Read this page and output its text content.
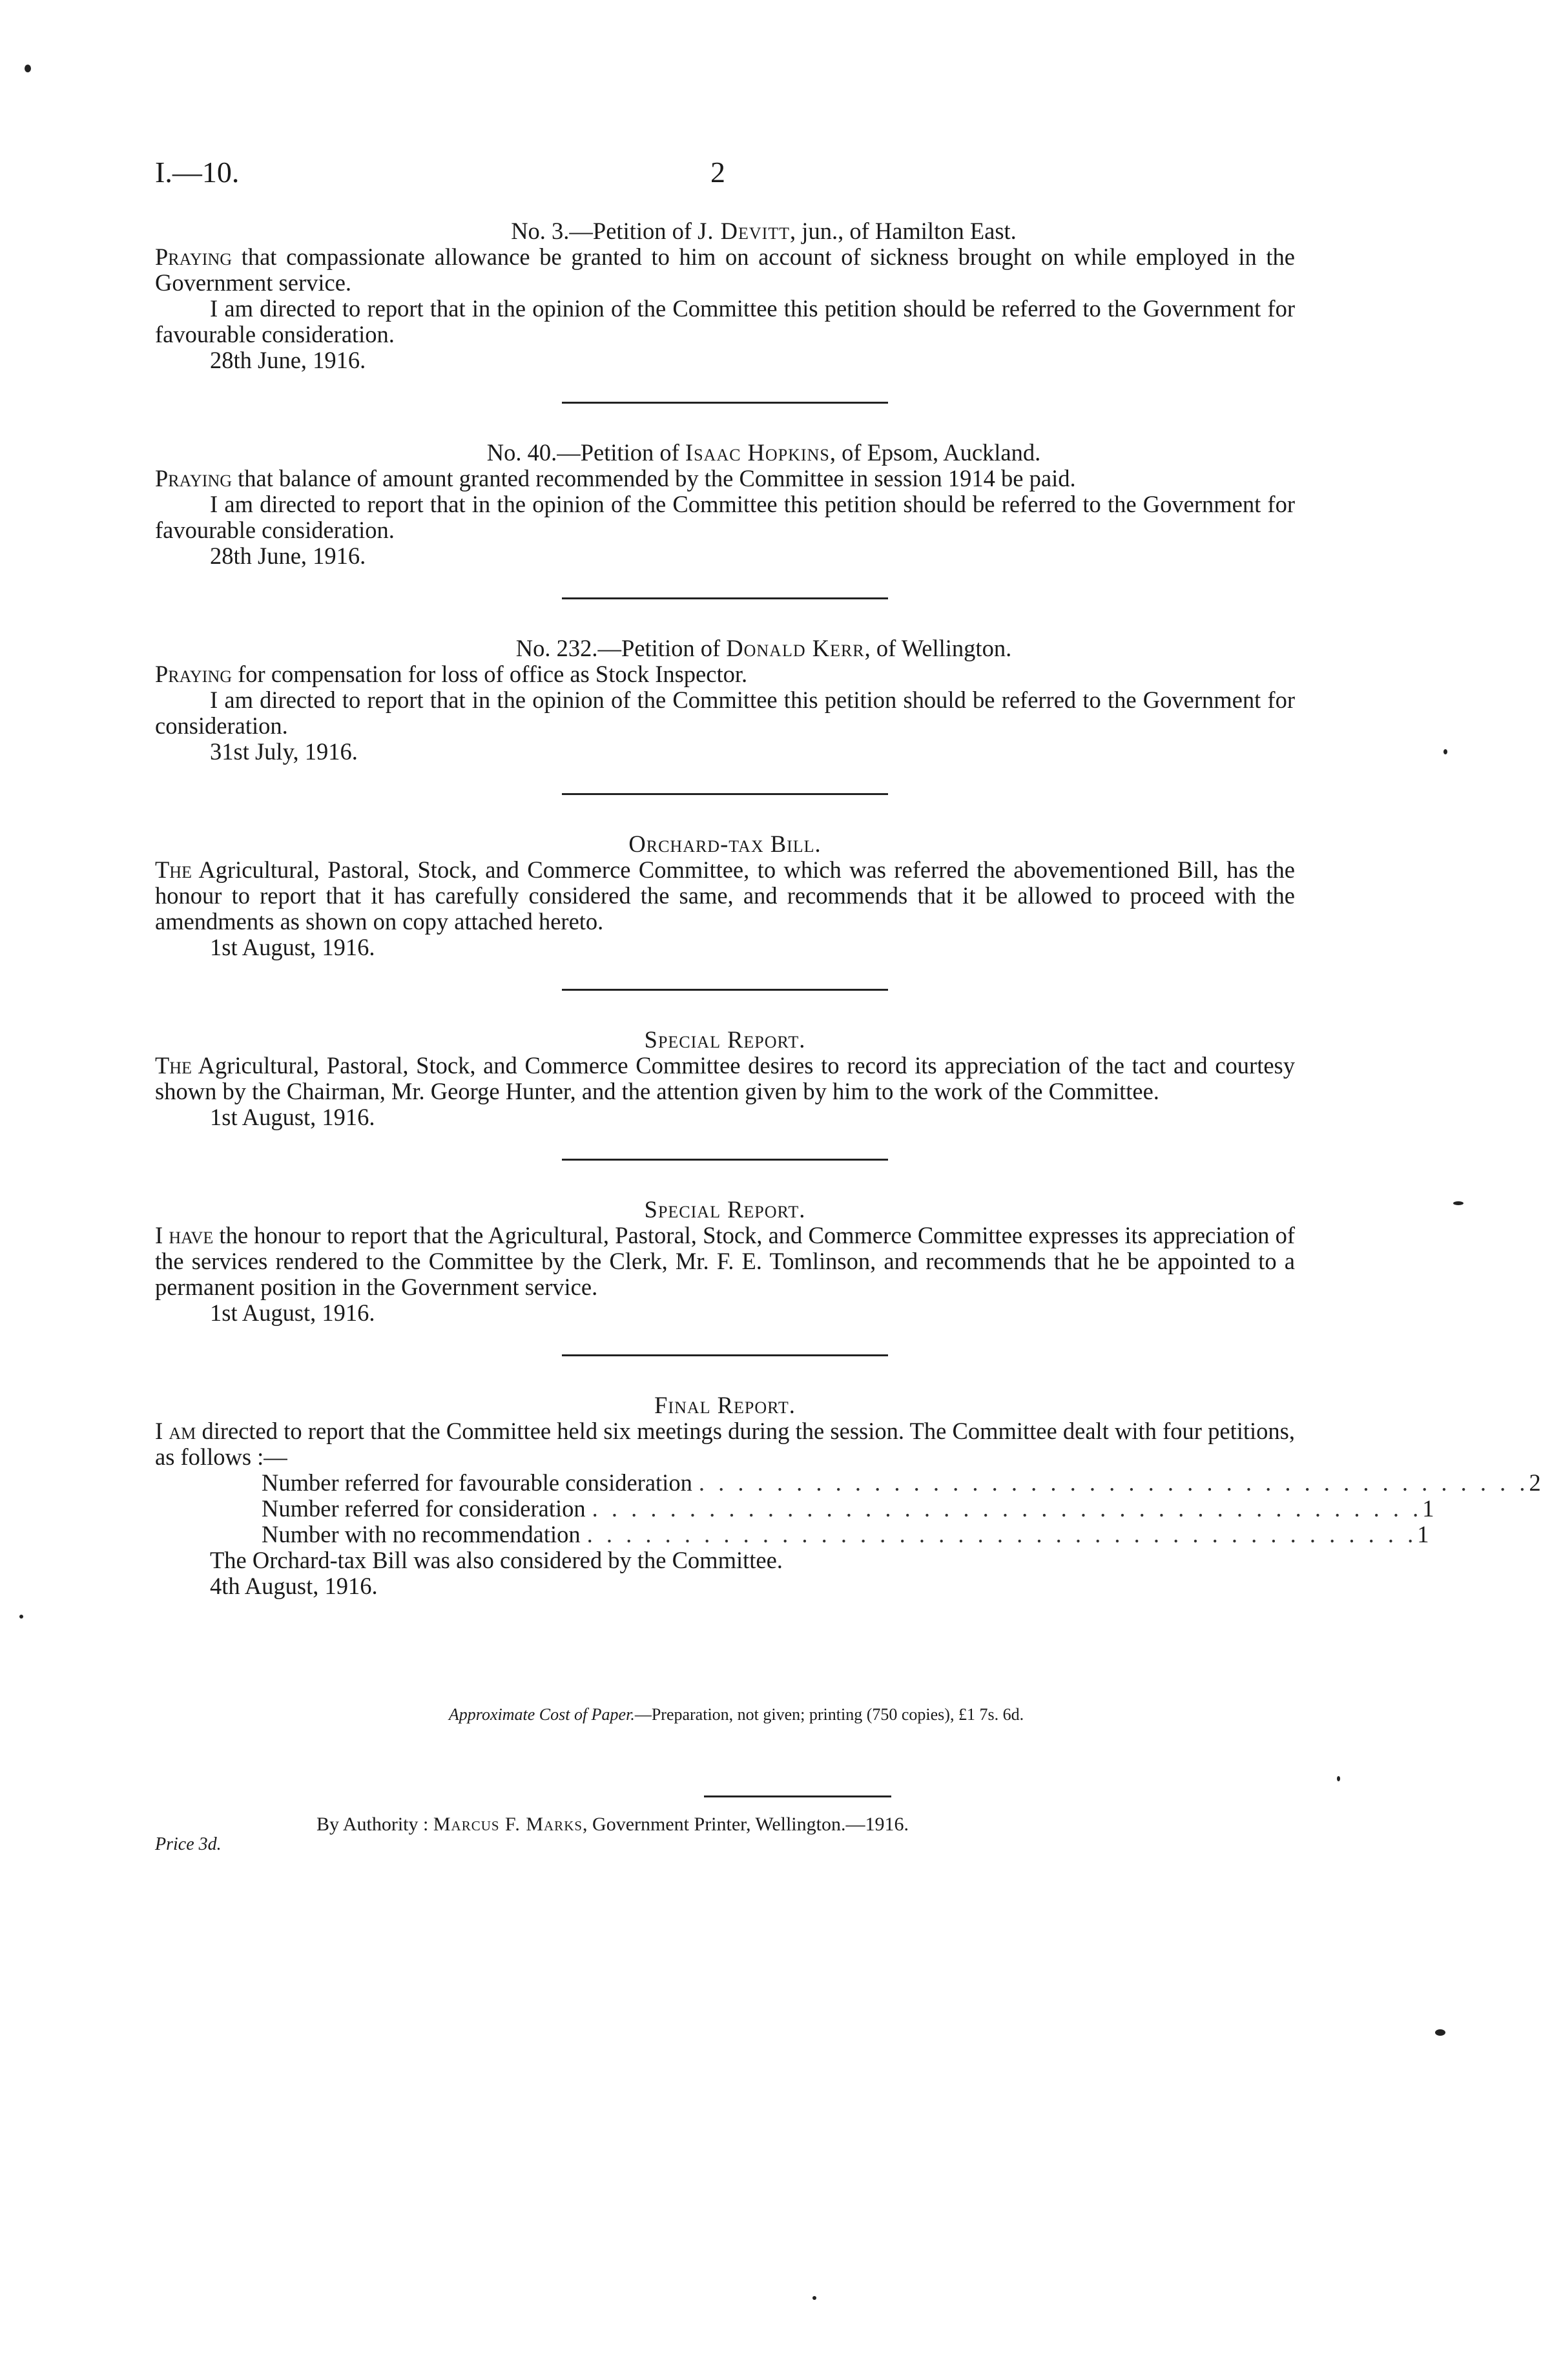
I.—10.	2

No. 3.—Petition of J. Devitt, jun., of Hamilton East.

Praying that compassionate allowance be granted to him on account of sickness brought on while employed in the Government service.

I am directed to report that in the opinion of the Committee this petition should be referred to the Government for favourable consideration.

28th June, 1916.

No. 40.—Petition of Isaac Hopkins, of Epsom, Auckland.

Praying that balance of amount granted recommended by the Committee in session 1914 be paid.

I am directed to report that in the opinion of the Committee this petition should be referred to the Government for favourable consideration.

28th June, 1916.

No. 232.—Petition of Donald Kerr, of Wellington.

Praying for compensation for loss of office as Stock Inspector.

I am directed to report that in the opinion of the Committee this petition should be referred to the Government for consideration.

31st July, 1916.

Orchard-tax Bill.

The Agricultural, Pastoral, Stock, and Commerce Committee, to which was referred the abovementioned Bill, has the honour to report that it has carefully considered the same, and recommends that it be allowed to proceed with the amendments as shown on copy attached hereto.

1st August, 1916.

Special Report.

The Agricultural, Pastoral, Stock, and Commerce Committee desires to record its appreciation of the tact and courtesy shown by the Chairman, Mr. George Hunter, and the attention given by him to the work of the Committee.

1st August, 1916.

Special Report.

I have the honour to report that the Agricultural, Pastoral, Stock, and Commerce Committee expresses its appreciation of the services rendered to the Committee by the Clerk, Mr. F. E. Tomlinson, and recommends that he be appointed to a permanent position in the Government service.

1st August, 1916.

Final Report.

I am directed to report that the Committee held six meetings during the session. The Committee dealt with four petitions, as follows :—

Number referred for favourable consideration . . . . . . . . . . . . . . . . . . . . . . . . . . . . . . . . . . . . . . . . . . . 2
Number referred for consideration . . . . . . . . . . . . . . . . . . . . . . . . . . . . . . . . . . . . . . . . . . . 1
Number with no recommendation . . . . . . . . . . . . . . . . . . . . . . . . . . . . . . . . . . . . . . . . . . . 1

The Orchard-tax Bill was also considered by the Committee.

4th August, 1916.

Approximate Cost of Paper.—Preparation, not given; printing (750 copies), £1 7s. 6d.
Price 3d.
By Authority : Marcus F. Marks, Government Printer, Wellington.—1916.
